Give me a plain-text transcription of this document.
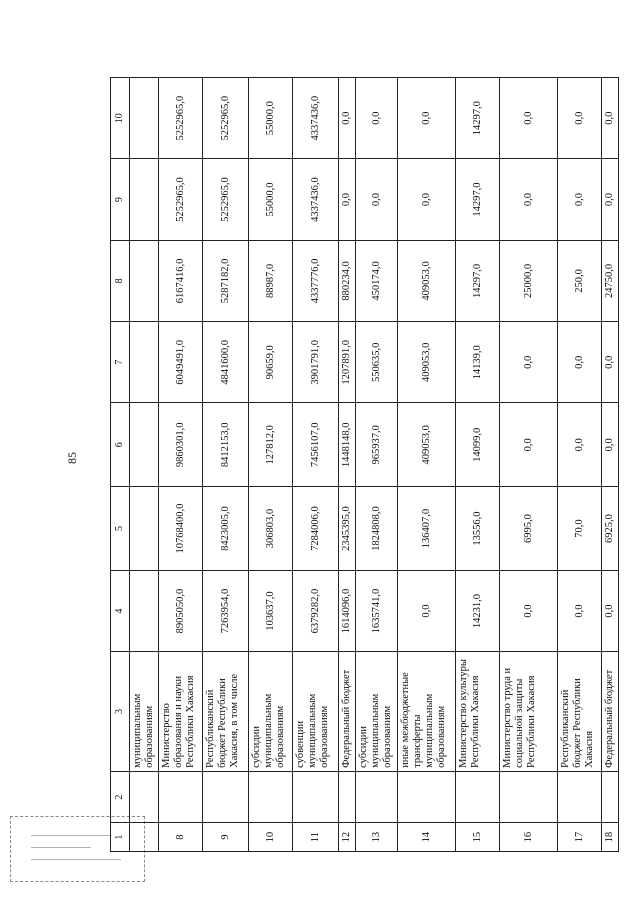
85
1	2	3	4	5	6	7	8	9	10
		муниципальным образованиям							
8		Министерство образования и науки Республики Хакасия	8905050,0	10768400,0	9860301,0	6049491,0	6167416,0	5252965,0	5252965,0
9		Республиканский бюджет Республики Хакасия, в том числе	7263954,0	8423005,0	8412153,0	4841600,0	5287182,0	5252965,0	5252965,0
10		субсидии муниципальным образованиям	103637,0	306803,0	127812,0	90659,0	88987,0	55000,0	55000,0
11		субвенции муниципальным образованиям	6379282,0	7284006,0	7456107,0	3901791,0	4337776,0	4337436,0	4337436,0
12		Федеральный бюджет	1614096,0	2345395,0	1448148,0	1207891,0	880234,0	0,0	0,0
13		субсидии муниципальным образованиям	1635741,0	1824808,0	965937,0	550635,0	450174,0	0,0	0,0
14		иные межбюджетные трансферты муниципальным образованиям	0,0	136407,0	409053,0	409053,0	409053,0	0,0	0,0
15		Министерство культуры Республики Хакасия	14231,0	13556,0	14099,0	14139,0	14297,0	14297,0	14297,0
16		Министерство труда и социальной защиты Республики Хакасия	0,0	6995,0	0,0	0,0	25000,0	0,0	0,0
17		Республиканский бюджет Республики Хакасия	0,0	70,0	0,0	0,0	250,0	0,0	0,0
18		Федеральный бюджет	0,0	6925,0	0,0	0,0	24750,0	0,0	0,0
